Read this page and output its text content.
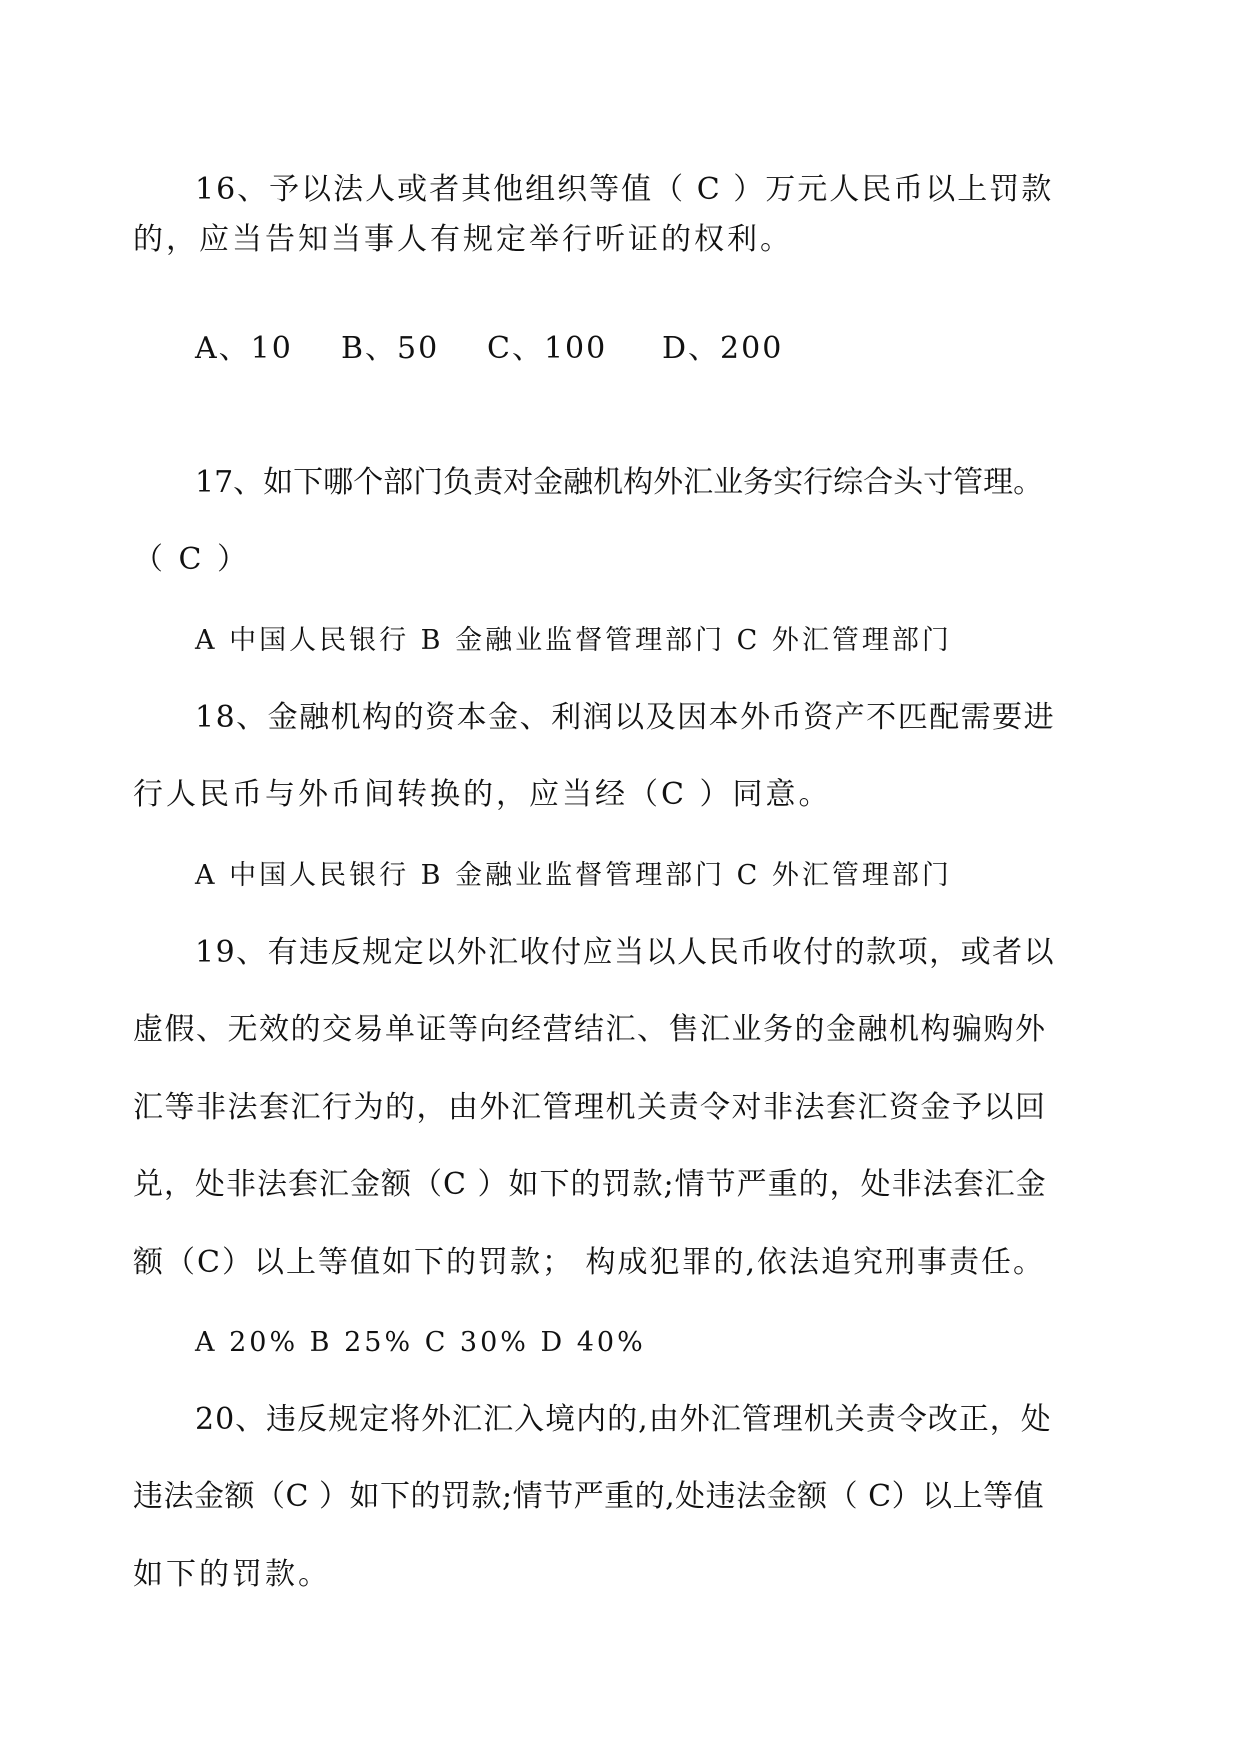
16、予以法人或者其他组织等值（ C ）万元人民币以上罚款

的，应当告知当事人有规定举行听证的权利。

A、10 B、50 C、100 D、200

17、如下哪个部门负责对金融机构外汇业务实行综合头寸管理。

（ C ）

A 中国人民银行 B 金融业监督管理部门 C 外汇管理部门

18、金融机构的资本金、利润以及因本外币资产不匹配需要进

行人民币与外币间转换的，应当经（C ）同意。

A 中国人民银行 B 金融业监督管理部门 C 外汇管理部门

19、有违反规定以外汇收付应当以人民币收付的款项，或者以

虚假、无效的交易单证等向经营结汇、售汇业务的金融机构骗购外

汇等非法套汇行为的，由外汇管理机关责令对非法套汇资金予以回

兑，处非法套汇金额（C ）如下的罚款;情节严重的，处非法套汇金

额（C）以上等值如下的罚款； 构成犯罪的,依法追究刑事责任。

A 20% B 25% C 30% D 40%

20、违反规定将外汇汇入境内的,由外汇管理机关责令改正，处

违法金额（C ）如下的罚款;情节严重的,处违法金额（ C）以上等值

如下的罚款。
